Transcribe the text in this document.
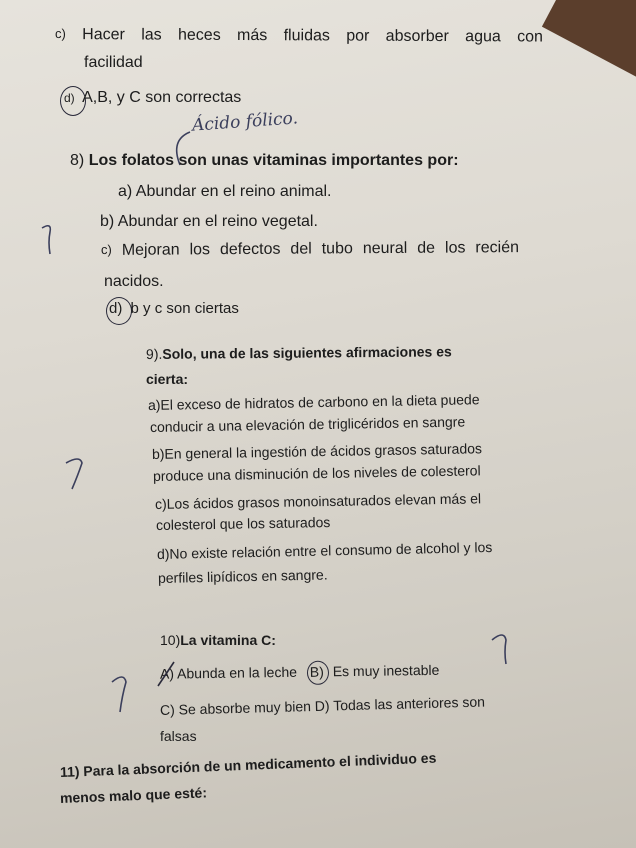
c) Hacer las heces más fluidas por absorber agua con
facilidad
d) A,B, y C son correctas
Ácido fólico.
8) Los folatos son unas vitaminas importantes por:
a) Abundar en el reino animal.
b) Abundar en el reino vegetal.
c) Mejoran los defectos del tubo neural de los recién
nacidos.
d) b y c son ciertas
9).Solo, una de las siguientes afirmaciones es
cierta:
a)El exceso de hidratos de carbono en la dieta puede
conducir a una elevación de triglicéridos en sangre
b)En general la ingestión de ácidos grasos saturados
produce una disminución de los niveles de colesterol
c)Los ácidos grasos monoinsaturados elevan más el
colesterol que los saturados
d)No existe relación entre el consumo de alcohol y los
perfiles lipídicos en sangre.
10)La vitamina C:
A) Abunda en la leche B) Es muy inestable
C) Se absorbe muy bien D) Todas las anteriores son
falsas
11) Para la absorción de un medicamento el individuo es
menos malo que esté:
